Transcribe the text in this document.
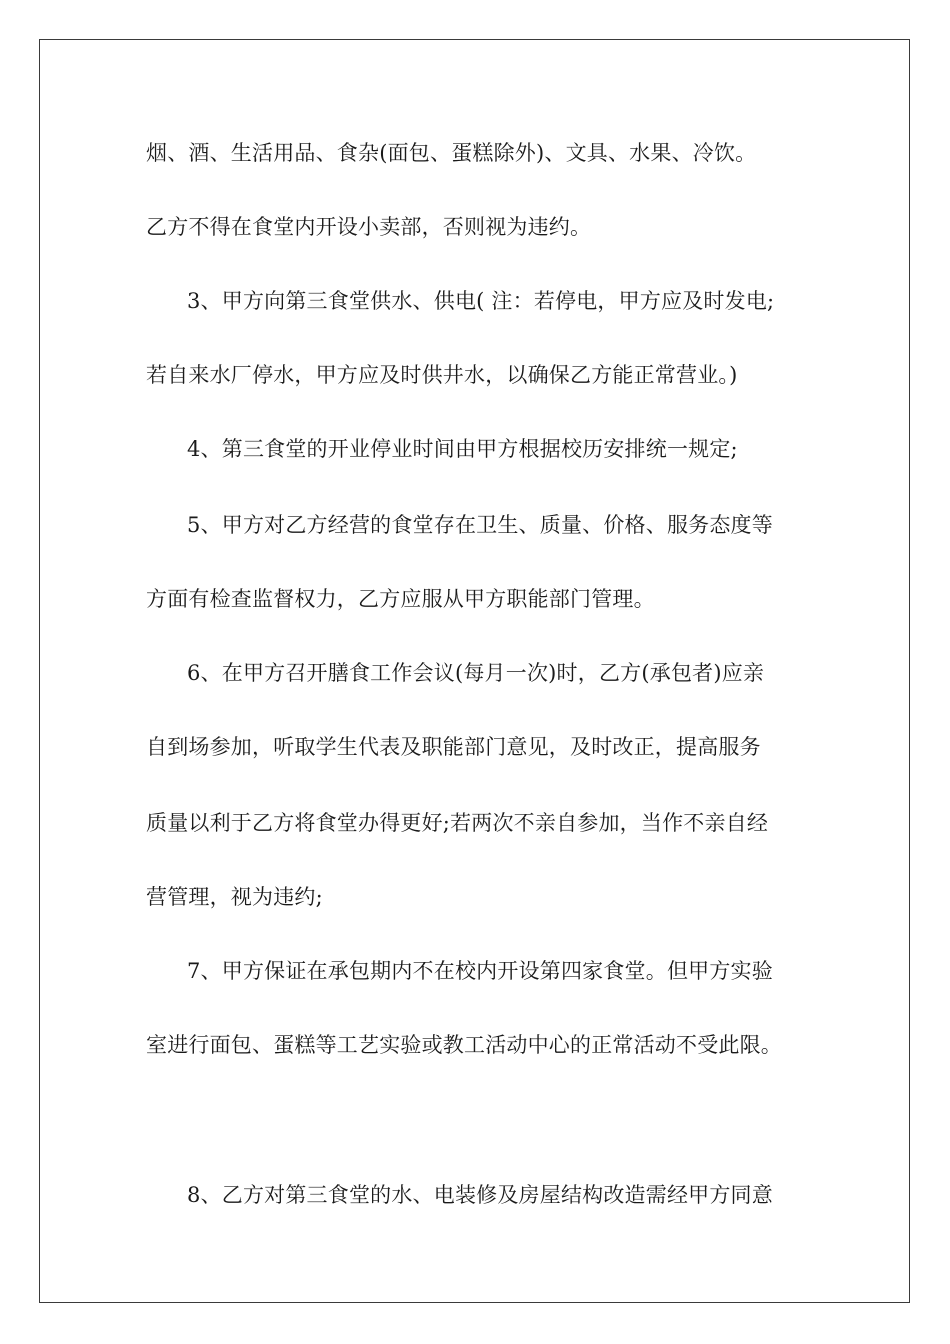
烟、酒、生活用品、食杂(面包、蛋糕除外)、文具、水果、冷饮。
乙方不得在食堂内开设小卖部，否则视为违约。
3、甲方向第三食堂供水、供电( 注：若停电，甲方应及时发电;
若自来水厂停水，甲方应及时供井水，以确保乙方能正常营业。)
4、第三食堂的开业停业时间由甲方根据校历安排统一规定;
5、甲方对乙方经营的食堂存在卫生、质量、价格、服务态度等
方面有检查监督权力，乙方应服从甲方职能部门管理。
6、在甲方召开膳食工作会议(每月一次)时，乙方(承包者)应亲
自到场参加，听取学生代表及职能部门意见，及时改正，提高服务
质量以利于乙方将食堂办得更好;若两次不亲自参加，当作不亲自经
营管理，视为违约;
7、甲方保证在承包期内不在校内开设第四家食堂。但甲方实验
室进行面包、蛋糕等工艺实验或教工活动中心的正常活动不受此限。
8、乙方对第三食堂的水、电装修及房屋结构改造需经甲方同意
